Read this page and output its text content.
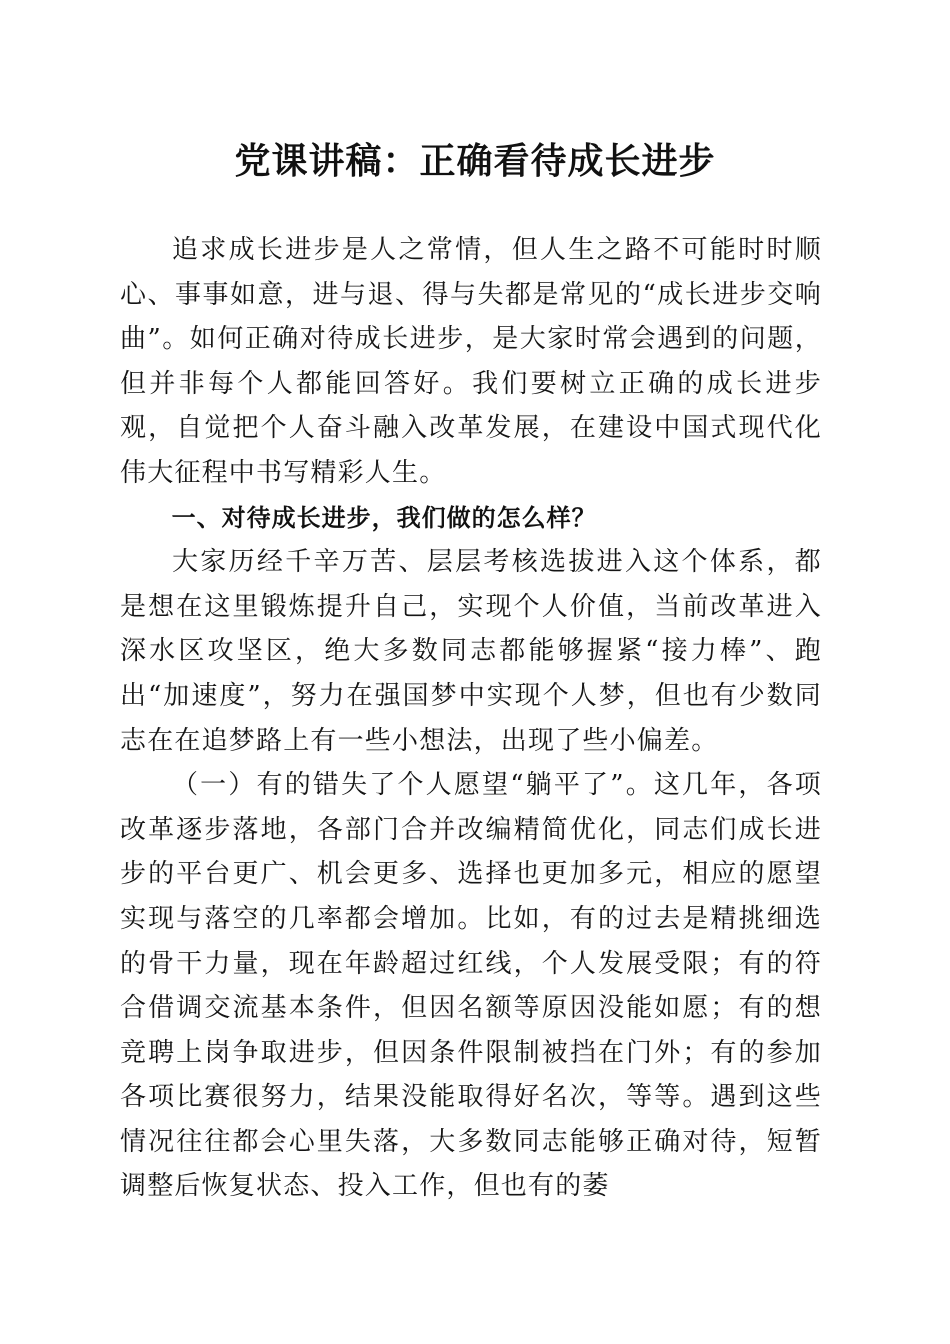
党课讲稿：正确看待成长进步

追求成长进步是人之常情，但人生之路不可能时时顺心、事事如意，进与退、得与失都是常见的“成长进步交响曲”。如何正确对待成长进步，是大家时常会遇到的问题，但并非每个人都能回答好。我们要树立正确的成长进步观，自觉把个人奋斗融入改革发展，在建设中国式现代化伟大征程中书写精彩人生。

一、对待成长进步，我们做的怎么样？

大家历经千辛万苦、层层考核选拔进入这个体系，都是想在这里锻炼提升自己，实现个人价值，当前改革进入深水区攻坚区，绝大多数同志都能够握紧“接力棒”、跑出“加速度”，努力在强国梦中实现个人梦，但也有少数同志在在追梦路上有一些小想法，出现了些小偏差。

（一）有的错失了个人愿望“躺平了”。这几年，各项改革逐步落地，各部门合并改编精简优化，同志们成长进步的平台更广、机会更多、选择也更加多元，相应的愿望实现与落空的几率都会增加。比如，有的过去是精挑细选的骨干力量，现在年龄超过红线，个人发展受限；有的符合借调交流基本条件，但因名额等原因没能如愿；有的想竞聘上岗争取进步，但因条件限制被挡在门外；有的参加各项比赛很努力，结果没能取得好名次，等等。遇到这些情况往往都会心里失落，大多数同志能够正确对待，短暂调整后恢复状态、投入工作，但也有的萎
